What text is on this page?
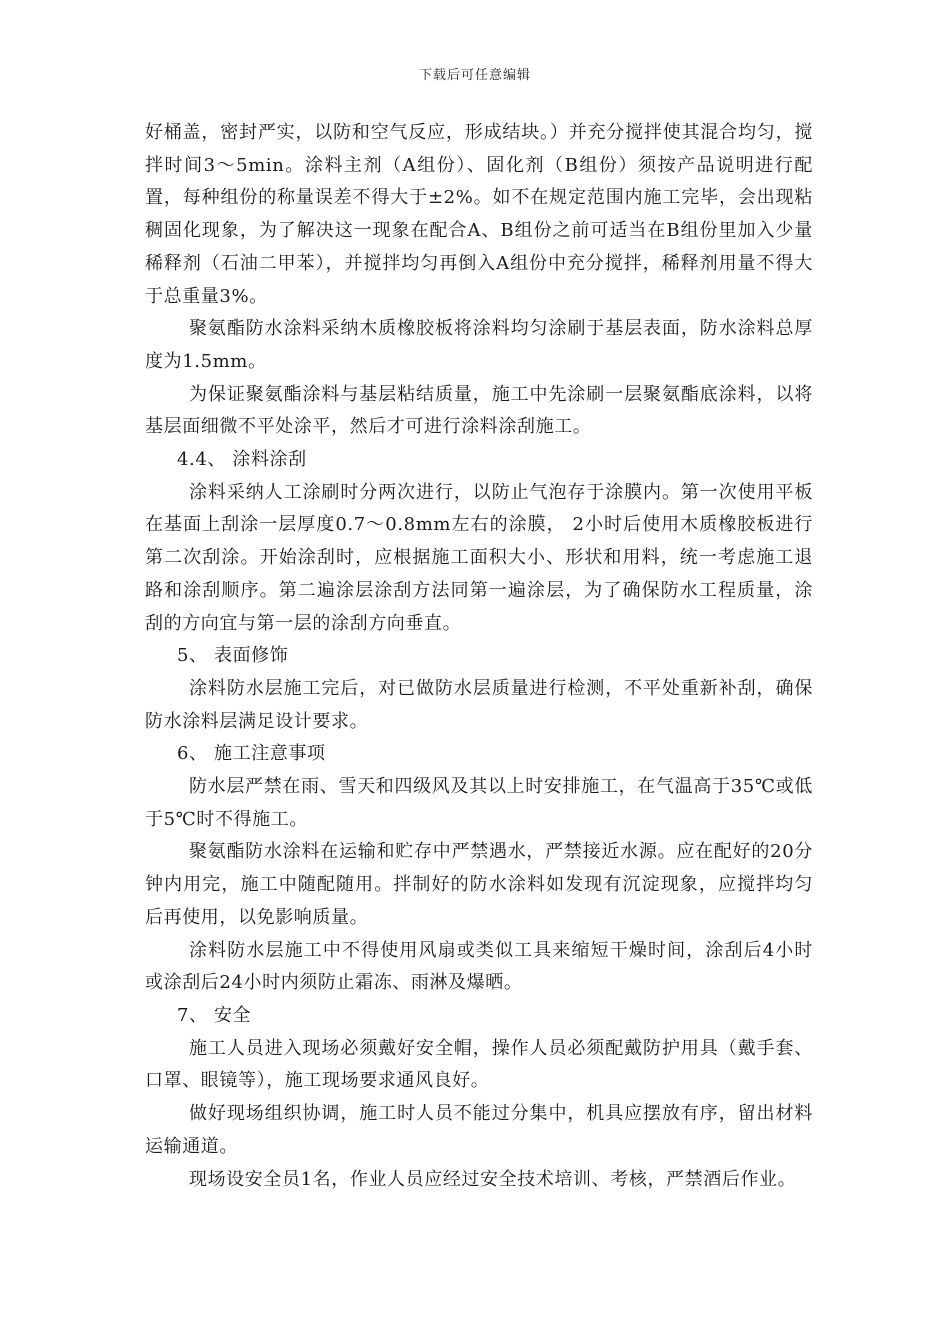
下载后可任意编辑

好桶盖，密封严实，以防和空气反应，形成结块。）并充分搅拌使其混合均匀，搅拌时间3～5min。涂料主剂（A组份）、固化剂（B组份）须按产品说明进行配置，每种组份的称量误差不得大于±2%。如不在规定范围内施工完毕，会出现粘稠固化现象，为了解决这一现象在配合A、B组份之前可适当在B组份里加入少量稀释剂（石油二甲苯），并搅拌均匀再倒入A组份中充分搅拌，稀释剂用量不得大于总重量3%。

聚氨酯防水涂料采纳木质橡胶板将涂料均匀涂刷于基层表面，防水涂料总厚度为1.5mm。

为保证聚氨酯涂料与基层粘结质量，施工中先涂刷一层聚氨酯底涂料，以将基层面细微不平处涂平，然后才可进行涂料涂刮施工。

4.4、 涂料涂刮

涂料采纳人工涂刷时分两次进行，以防止气泡存于涂膜内。第一次使用平板在基面上刮涂一层厚度0.7～0.8mm左右的涂膜， 2小时后使用木质橡胶板进行第二次刮涂。开始涂刮时，应根据施工面积大小、形状和用料，统一考虑施工退路和涂刮顺序。第二遍涂层涂刮方法同第一遍涂层，为了确保防水工程质量，涂刮的方向宜与第一层的涂刮方向垂直。

5、 表面修饰

涂料防水层施工完后，对已做防水层质量进行检测，不平处重新补刮，确保防水涂料层满足设计要求。

6、 施工注意事项

防水层严禁在雨、雪天和四级风及其以上时安排施工，在气温高于35℃或低于5℃时不得施工。

聚氨酯防水涂料在运输和贮存中严禁遇水，严禁接近水源。应在配好的20分钟内用完，施工中随配随用。拌制好的防水涂料如发现有沉淀现象，应搅拌均匀后再使用，以免影响质量。

涂料防水层施工中不得使用风扇或类似工具来缩短干燥时间，涂刮后4小时或涂刮后24小时内须防止霜冻、雨淋及爆晒。

7、 安全

施工人员进入现场必须戴好安全帽，操作人员必须配戴防护用具（戴手套、口罩、眼镜等），施工现场要求通风良好。

做好现场组织协调，施工时人员不能过分集中，机具应摆放有序，留出材料运输通道。

现场设安全员1名，作业人员应经过安全技术培训、考核，严禁酒后作业。
